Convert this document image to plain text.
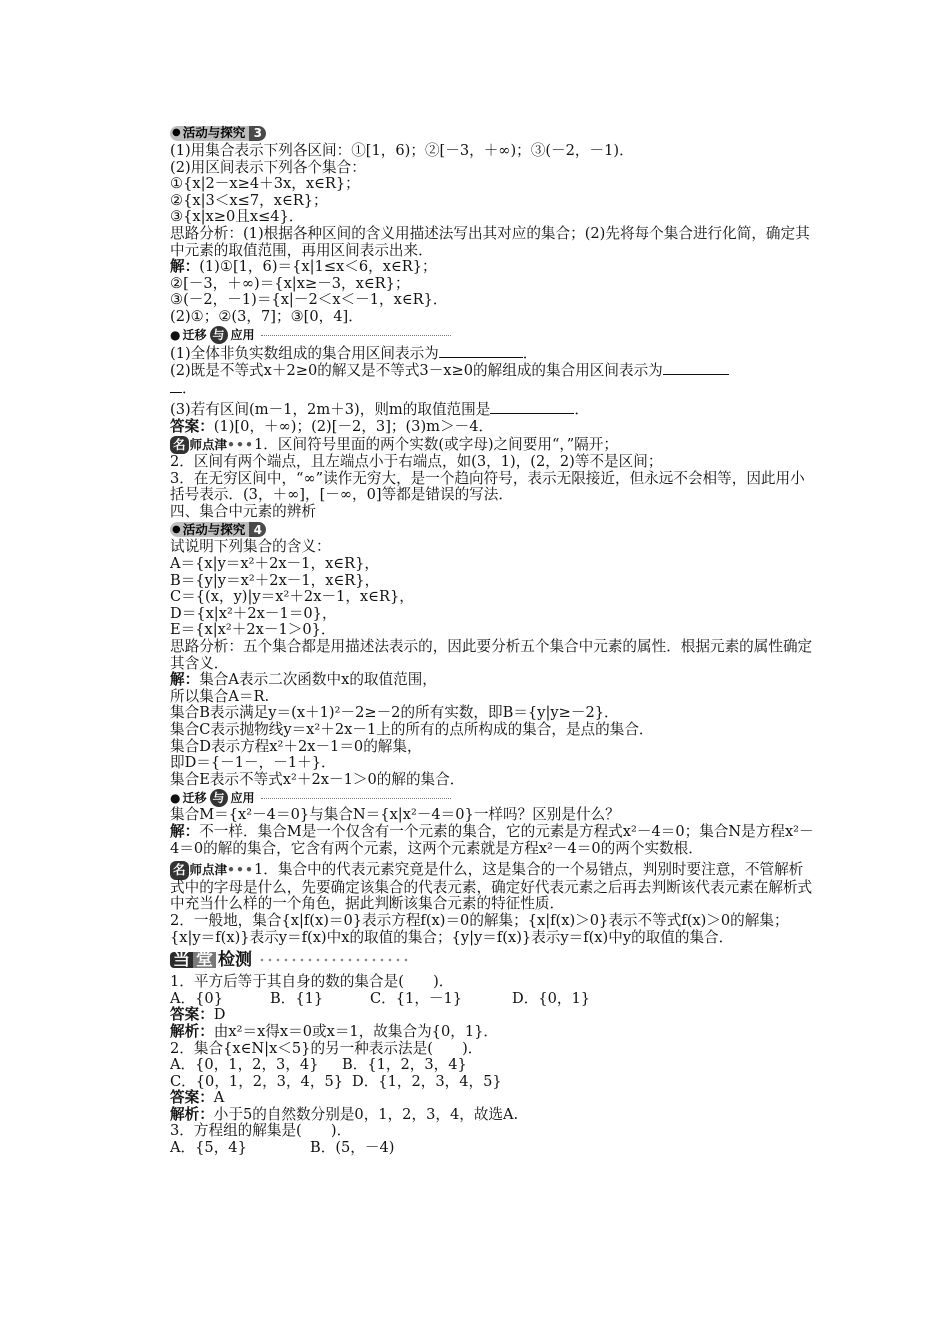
● 活动与探究 3
(1)用集合表示下列各区间：①[1，6)；②[－3，＋∞)；③(－2，－1)．
(2)用区间表示下列各个集合：
①{x|2－x≥4＋3x，x∈R}；
②{x|3＜x≤7，x∈R}；
③{x|x≥0且x≤4}．
思路分析：(1)根据各种区间的含义用描述法写出其对应的集合；(2)先将每个集合进行化简，确定其中元素的取值范围，再用区间表示出来．
解：(1)①[1，6)＝{x|1≤x＜6，x∈R}；
②[－3，＋∞)＝{x|x≥－3，x∈R}；
③(－2，－1)＝{x|－2＜x＜－1，x∈R}．
(2)①；②(3，7]；③[0，4]．
● 迁移 与 应用
(1)全体非负实数组成的集合用区间表示为	．
(2)既是不等式x＋2≥0的解又是不等式3－x≥0的解组成的集合用区间表示为
．
(3)若有区间(m－1，2m＋3)，则m的取值范围是	．
答案：(1)[0，＋∞)；(2)[－2，3]；(3)m＞－4．
名 师点津 ••• 1．区间符号里面的两个实数(或字母)之间要用“，”隔开；
2．区间有两个端点，且左端点小于右端点，如(3，1)，(2，2)等不是区间；
3．在无穷区间中，“∞”读作无穷大，是一个趋向符号，表示无限接近，但永远不会相等，因此用小括号表示．(3，＋∞]，[－∞，0]等都是错误的写法．
四、集合中元素的辨析
● 活动与探究 4
试说明下列集合的含义：
A＝{x|y＝x²＋2x－1，x∈R}，
B＝{y|y＝x²＋2x－1，x∈R}，
C＝{(x，y)|y＝x²＋2x－1，x∈R}，
D＝{x|x²＋2x－1＝0}，
E＝{x|x²＋2x－1＞0}．
思路分析：五个集合都是用描述法表示的，因此要分析五个集合中元素的属性．根据元素的属性确定其含义．
解：集合A表示二次函数中x的取值范围，
所以集合A＝R.
集合B表示满足y＝(x＋1)²－2≥－2的所有实数，即B＝{y|y≥－2}．
集合C表示抛物线y＝x²＋2x－1上的所有的点所构成的集合，是点的集合．
集合D表示方程x²＋2x－1＝0的解集，
即D＝{－1－，－1＋}．
集合E表示不等式x²＋2x－1＞0的解的集合．
● 迁移 与 应用
集合M＝{x²－4＝0}与集合N＝{x|x²－4＝0}一样吗？区别是什么？
解：不一样．集合M是一个仅含有一个元素的集合，它的元素是方程式x²－4＝0；集合N是方程x²－4＝0的解的集合，它含有两个元素，这两个元素就是方程x²－4＝0的两个实数根．
名 师点津 ••• 1．集合中的代表元素究竟是什么，这是集合的一个易错点，判别时要注意，不管解析式中的字母是什么，先要确定该集合的代表元素，确定好代表元素之后再去判断该代表元素在解析式中充当什么样的一个角色，据此判断该集合元素的特征性质．
2．一般地，集合{x|f(x)＝0}表示方程f(x)＝0的解集；{x|f(x)＞0}表示不等式f(x)＞0的解集；{x|y＝f(x)}表示y＝f(x)中x的取值的集合；{y|y＝f(x)}表示y＝f(x)中y的取值的集合．
当 堂 检测
1．平方后等于其自身的数的集合是(　　)．
A．{0}	B．{1}	C．{1，－1}	D．{0，1}
答案：D
解析：由x²＝x得x＝0或x＝1，故集合为{0，1}．
2．集合{x∈N|x＜5}的另一种表示法是(　　)．
A．{0，1，2，3，4} B．{1，2，3，4}
C．{0，1，2，3，4，5} D．{1，2，3，4，5}
答案：A
解析：小于5的自然数分别是0，1，2，3，4，故选A.
3．方程组的解集是(　　)．
A．{5，4}	B．(5，－4)
